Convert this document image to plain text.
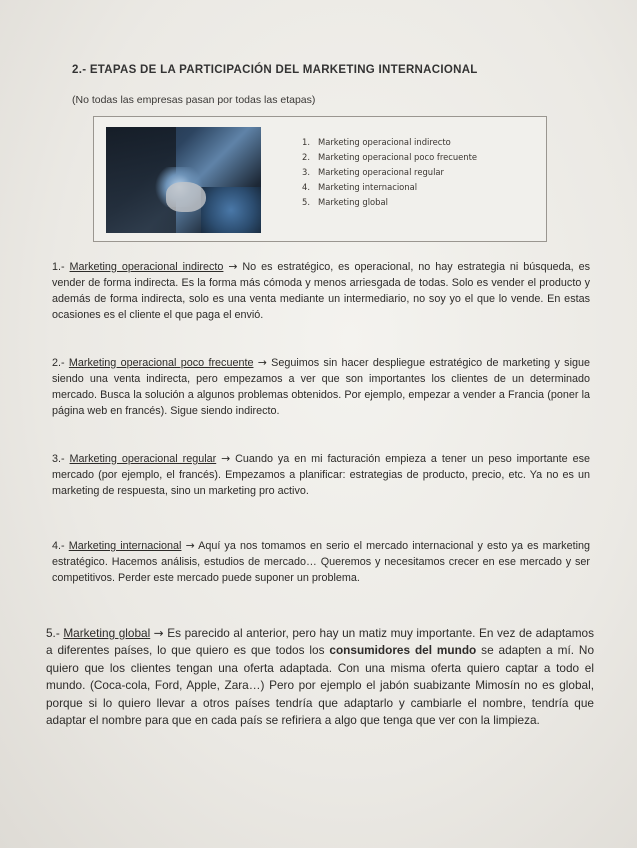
2.- ETAPAS DE LA PARTICIPACIÓN DEL MARKETING INTERNACIONAL
(No todas las empresas pasan por todas las etapas)
1. Marketing operacional indirecto
2. Marketing operacional poco frecuente
3. Marketing operacional regular
4. Marketing internacional
5. Marketing global

1.- Marketing operacional indirecto → No es estratégico, es operacional, no hay estrategia ni búsqueda, es vender de forma indirecta. Es la forma más cómoda y menos arriesgada de todas. Solo es vender el producto y además de forma indirecta, solo es una venta mediante un intermediario, no soy yo el que lo vende. En estas ocasiones es el cliente el que paga el envió.

2.- Marketing operacional poco frecuente → Seguimos sin hacer despliegue estratégico de marketing y sigue siendo una venta indirecta, pero empezamos a ver que son importantes los clientes de un determinado mercado. Busca la solución a algunos problemas obtenidos. Por ejemplo, empezar a vender a Francia (poner la página web en francés). Sigue siendo indirecto.

3.- Marketing operacional regular → Cuando ya en mi facturación empieza a tener un peso importante ese mercado (por ejemplo, el francés). Empezamos a planificar: estrategias de producto, precio, etc. Ya no es un marketing de respuesta, sino un marketing pro activo.

4.- Marketing internacional → Aquí ya nos tomamos en serio el mercado internacional y esto ya es marketing estratégico. Hacemos análisis, estudios de mercado… Queremos y necesitamos crecer en ese mercado y ser competitivos. Perder este mercado puede suponer un problema.

5.- Marketing global → Es parecido al anterior, pero hay un matiz muy importante. En vez de adaptamos a diferentes países, lo que quiero es que todos los consumidores del mundo se adapten a mí. No quiero que los clientes tengan una oferta adaptada. Con una misma oferta quiero captar a todo el mundo. (Coca-cola, Ford, Apple, Zara…) Pero por ejemplo el jabón suabizante Mimosín no es global, porque si lo quiero llevar a otros países tendría que adaptarlo y cambiarle el nombre, tendría que adaptar el nombre para que en cada país se refiriera a algo que tenga que ver con la limpieza.
